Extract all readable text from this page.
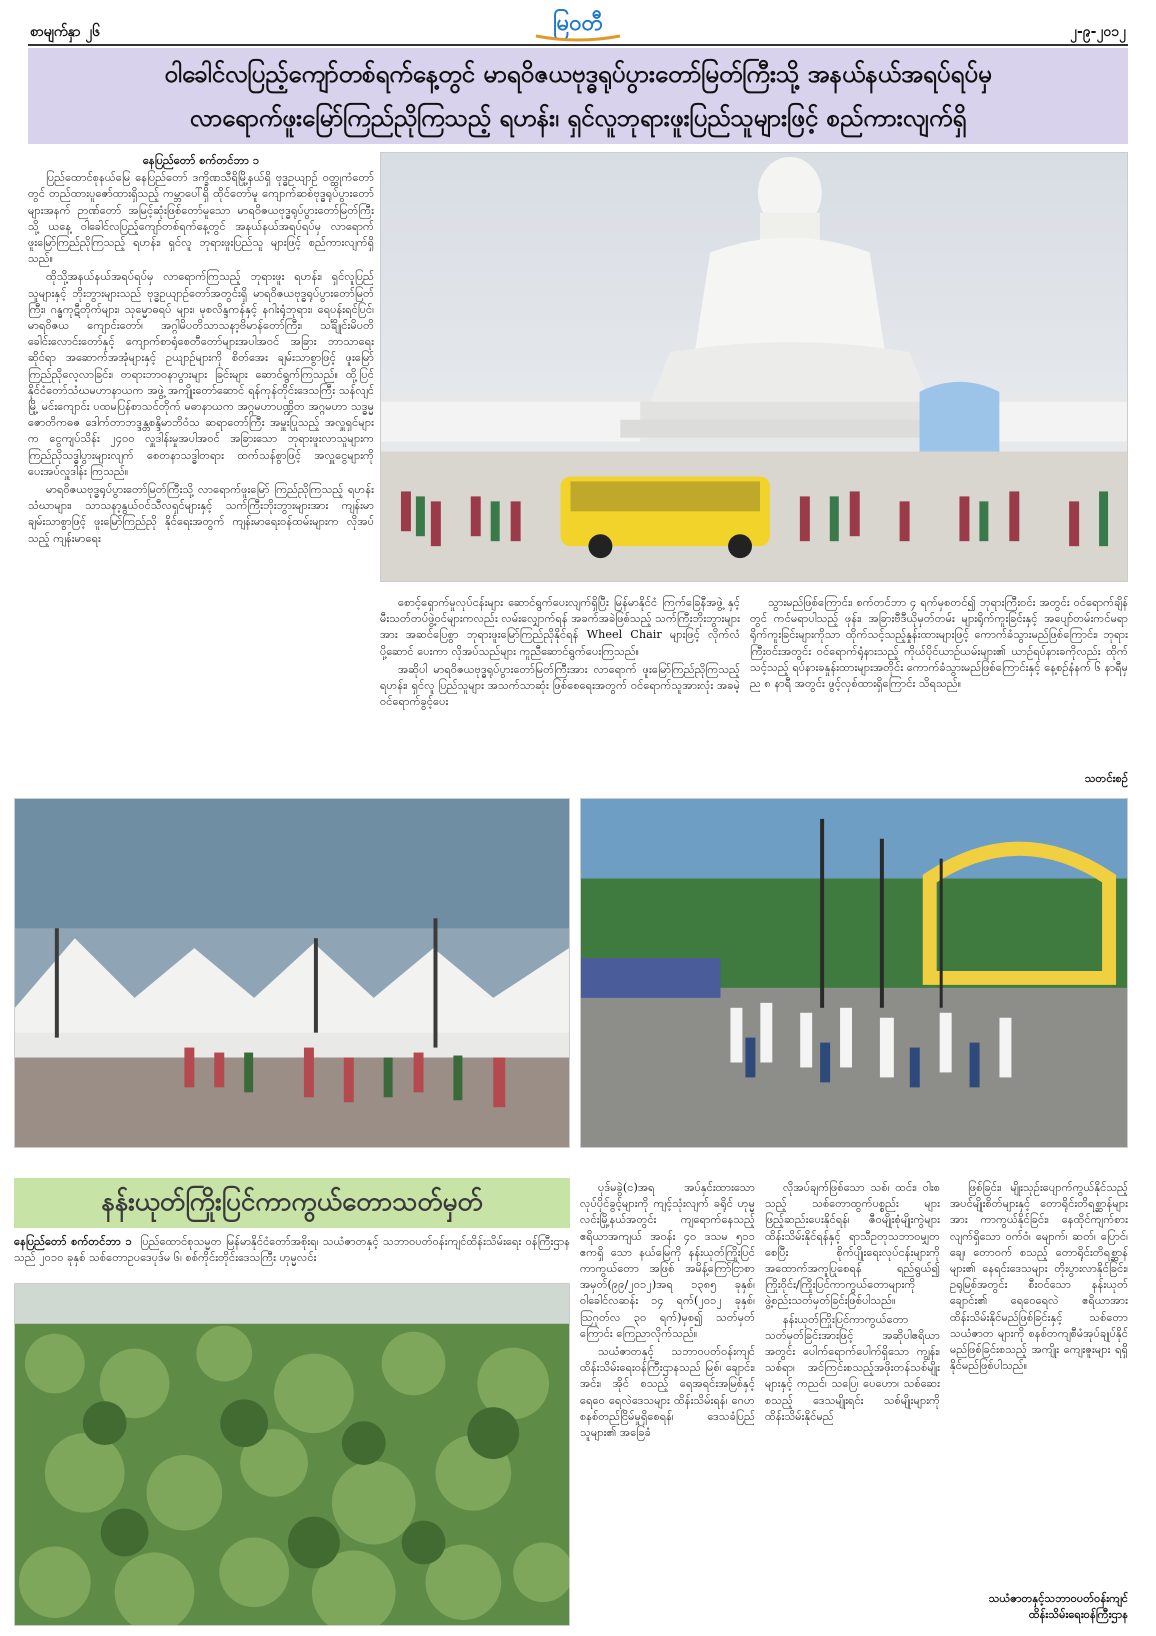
စာမျက်နှာ ၂၆	မြဝတီ	၂-၉-၂၀၁၂
ဝါခေါင်လပြည့်ကျော်တစ်ရက်နေ့တွင် မာရဝိဇယဗုဒ္ဓရုပ်ပွားတော်မြတ်ကြီးသို့ အနယ်နယ်အရပ်ရပ်မှ
လာရောက်ဖူးမြော်ကြည်ညိုကြသည့် ရဟန်း၊ ရှင်လူဘုရားဖူးပြည်သူများဖြင့် စည်ကားလျက်ရှိ

နေပြည်တော် စက်တင်ဘာ ၁

ပြည်ထောင်စုနယ်မြေ နေပြည်တော် ဒက္ခိဏသီရိမြို့နယ်ရှိ ဗုဒ္ဓဥယျာဉ် ဝတ္ထုကံတော်တွင် တည်ထားပူဇော်ထားရှိသည့် ကမ္ဘာပေါ်ရှိ ထိုင်တော်မူ ကျောက်ဆစ်ဗုဒ္ဓရုပ်ပွားတော်များအနက် ဉာဏ်တော် အမြင့်ဆုံးဖြစ်တော်မူသော မာရဝိဇယဗုဒ္ဓရုပ်ပွားတော်မြတ်ကြီးသို့ ယနေ့ ဝါခေါင်လပြည့်ကျော်တစ်ရက်နေ့တွင် အနယ်နယ်အရပ်ရပ်မှ လာရောက်ဖူးမြော်ကြည်ညိုကြသည့် ရဟန်း၊ ရှင်လူ ဘုရားဖူးပြည်သူ များဖြင့် စည်ကားလျက်ရှိသည်။

ထိုသို့အနယ်နယ်အရပ်ရပ်မှ လာရောက်ကြသည့် ဘုရားဖူး ရဟန်း၊ ရှင်လူပြည်သူများနှင့် ဘိုးဘွားများသည် ဗုဒ္ဓဥယျာဉ်တော်အတွင်းရှိ မာရဝိဇယဗုဒ္ဓရုပ်ပွားတော်မြတ်ကြီး၊ ဂန္ဓကုဋီတိုက်များ၊ သုမ္မောဓရပ် များ၊ မုစလိန္ဒကန်နှင့် နဂါးရုံဘုရား၊ ရေပန်းရင်ပြင်၊ မာရဝိဇယ ကျောင်းတော်၊ အဂ္ဂါမိပတိသာသနာ့ဗိမာန်တော်ကြီး၊ သင်္ချိုင်းမိပတိ ခေါင်းလောင်းတော်နှင့် ကျောက်စာရုံစေတီတော်များအပါအဝင် အခြား ဘာသာရေးဆိုင်ရာ အဆောက်အအုံများနှင့် ဥယျာဉ်များကို စိတ်အေး ချမ်းသာစွာဖြင့် ဖူးမြော်ကြည်ညိုလေ့လာခြင်း၊ တရားဘာဝနာပွားများ ခြင်းများ ဆောင်ရွက်ကြသည်။ ထို့ပြင် နိုင်ငံတော်သံဃမဟာနာယက အဖွဲ့ အကျိုးတော်ဆောင် ရန်ကုန်တိုင်းဒေသကြီး သန်လျင်မြို့ မင်းကျောင်း ပထမပြန်စာသင်တိုက် မဓာနာယက အဂ္ဂမဟာပဏ္ဍိတ အဂ္ဂမဟာ သဒ္ဓမ္မဇောတိကဓဇ ဒေါက်တာဘဒ္ဒန္တစန္ဒိမာဘိဝံသ ဆရာတော်ကြီး အမှူးပြုသည့် အလှူရှင်များက ငွေကျပ်သိန်း ၂၄၀၀ လှူဒါန်းမှုအပါအဝင် အခြားသော ဘုရားဖူးလာသူများက ကြည်ညိုသဒ္ဓါပွားများလျက် စေတနာသဒ္ဓါတရား ထက်သန်စွာဖြင့် အလှူငွေများကို ပေးအပ်လှူဒါန်း ကြသည်။

မာရဝိဇယဗုဒ္ဓရုပ်ပွားတော်မြတ်ကြီးသို့ လာရောက်ဖူးမြော် ကြည်ညိုကြသည့် ရဟန်းသံဃာများ၊ သာသနာ့နွယ်ဝင်သီလရှင်များနှင့် သက်ကြီးဘိုးဘွားများအား ကျန်းမာချမ်းသာစွာဖြင့် ဖူးမြော်ကြည်ညို နိုင်ရေးအတွက် ကျန်းမာရေးဝန်ထမ်းများက လိုအပ်သည့် ကျန်းမာရေး

စောင့်ရှောက်မှုလုပ်ငန်းများ ဆောင်ရွက်ပေးလျက်ရှိပြီး မြန်မာနိုင်ငံ ကြက်ခြေနီအဖွဲ့ နှင့် မီးသတ်တပ်ဖွဲ့ဝင်များကလည်း လမ်းလျှောက်ရန် အခက်အခဲဖြစ်သည့် သက်ကြီးဘိုးဘွားများအား အဆင်ပြေစွာ ဘုရားဖူးမြော်ကြည်ညိုနိုင်ရန် Wheel Chair များဖြင့် လိုက်လံပို့ဆောင် ပေးကာ လိုအပ်သည်များ ကူညီဆောင်ရွက်ပေးကြသည်။

အဆိုပါ မာရဝိဇယဗုဒ္ဓရုပ်ပွားတော်မြတ်ကြီးအား လာရောက် ဖူးမြော်ကြည်ညိုကြသည့် ရဟန်း၊ ရှင်လူ ပြည်သူများ အသက်သာဆုံး ဖြစ်စေရေးအတွက် ဝင်ရောက်သူအားလုံး အခမဲ့ဝင်ရောက်ခွင့်ပေး

သွားမည်ဖြစ်ကြောင်း၊ စက်တင်ဘာ ၄ ရက်မှစတင်၍ ဘုရားကြီးဝင်း အတွင်း ဝင်ရောက်ချိန်တွင် ကင်မရာပါသည့် ဖုန်း၊ အခြားဗီဒီယိုမှတ်တမ်း များရိုက်ကူးခြင်းနှင့် အပျော်တမ်းကင်မရာရိုက်ကူးခြင်းများကိုသာ ထိုက်သင့်သည့်နှုန်းထားများဖြင့် ကောက်ခံသွားမည်ဖြစ်ကြောင်း၊ ဘုရားကြီးဝင်းအတွင်း ဝင်ရောက်ရုံနားသည့် ကိုယ်ပိုင်ယာဉ်ယမ်းများ၏ ယာဉ်ရပ်နားခကိုလည်း ထိုက်သင့်သည့် ရပ်နားခနှုန်းထားများအတိုင်း ကောက်ခံသွားမည်ဖြစ်ကြောင်းနှင့် နေ့စဉ်နံနက် ၆ နာရီမှ ည ၈ နာရီ အတွင်း ဖွင့်လှစ်ထားရှိကြောင်း သိရသည်။

သတင်းစဉ်
နန်းယုတ်ကြိုးပြင်ကာကွယ်တောသတ်မှတ်

နေပြည်တော် စက်တင်ဘာ ၁ ပြည်ထောင်စုသမ္မတ မြန်မာနိုင်ငံတော်အစိုးရ၊ သယံဇာတနှင့် သဘာဝပတ်ဝန်းကျင်ထိန်းသိမ်းရေး ဝန်ကြီးဌာနသည် ၂၀၁၀ ခုနှစ် သစ်တောဥပဒေပုဒ်မ ၆၊ စစ်ကိုင်းတိုင်းဒေသကြီး ဟုမ္မလင်း

ပုဒ်မခွဲ(င)အရ အပ်နှင်းထားသော လုပ်ပိုင်ခွင့်များကို ကျင့်သုံးလျက် ခရိုင် ဟုမ္မလင်းမြို့နယ်အတွင်း ကျရောက်နေသည့် ဧရိယာအကျယ် အဝန်း ၄၀ ဒသမ ၅၁၁ ဧကရှိ သော နယ်မြေကို နန်းယုတ်ကြိုးပြင်ကာကွယ်တော အဖြစ် အမိန့်ကြော်ငြာစာအမှတ်(၉၉/၂၀၁၂)အရ ၁၃၈၅ ခုနှစ်၊ ဝါခေါင်လဆန်း ၁၄ ရက်(၂၀၁၂ ခုနှစ်၊ ဩဂုတ်လ ၃၀ ရက်)မှစ၍ သတ်မှတ်ကြောင်း ကြေညာလိုက်သည်။

သယံဇာတနှင့် သဘာဝပတ်ဝန်းကျင်ထိန်းသိမ်းရေးဝန်ကြီးဌာနသည် မြစ်၊ ချောင်း၊ အင်း၊ အိုင် စသည့် ရေအရင်းအမြစ်နှင့် ရေဝေ ရေလဲဒေသများ ထိန်းသိမ်းရန်၊ ဂေဟစနစ်တည်ငြိမ်မှုရှိစေရန်၊ ဒေသခံပြည်သူများ၏ အခြေခံ

လိုအပ်ချက်ဖြစ်သော သစ်၊ ထင်း၊ ဝါးစသည့် သစ်တောထွက်ပစ္စည်း များ ဖြည့်ဆည်းပေးနိုင်ရန်၊ ဇီဝမျိုးစုံမျိုးကွဲများ ထိန်းသိမ်းနိုင်ရန်နှင့် ရာသီဥတုသဘာဝမျှတစေပြီး စိုက်ပျိုးရေးလုပ်ငန်းများကို အထောက်အကူပြုစေရန် ရည်ရွယ်၍ ကြိုးဝိုင်း/ကြိုးပြင်ကာကွယ်တောများကို ဖွဲ့စည်းသတ်မှတ်ခြင်းဖြစ်ပါသည်။

နန်းယုတ်ကြိုးပြင်ကာကွယ်တော သတ်မှတ်ခြင်းအားဖြင့် အဆိုပါဧရိယာအတွင်း ပေါက်ရောက်ပေါက်ရှိသော ကျွန်း၊ သစ်ရာ၊ အင်ကြင်းစသည့်အဖိုးတန်သစ်မျိုးများနှင့် ကညင်၊ သပြေ၊ ပေဟော၊ သစ်ဆေး စသည့် ဒေသမျိုးရင်း သစ်မျိုးများကို ထိန်းသိမ်းနိုင်မည်

ဖြစ်ခြင်း၊ မျိုးသုဉ်းပျောက်ကွယ်နိုင်သည့် အပင်မျိုးစိတ်များနှင့် တောရိုင်းတိရစ္ဆာန်များအား ကာကွယ်နိုင်ခြင်း၊ နေထိုင်ကျက်စားလျက်ရှိသော ဝက်ဝံ၊ မျောက်၊ ဆတ်၊ ပြောင်၊ ချေ၊ တောဝက် စသည့် တောရိုင်းတိရစ္ဆာန်များ၏ နေရင်းဒေသများ တိုးပွားလာနိုင်ခြင်း၊ ဥရုမြစ်အတွင်း စီးဝင်သော နန်းယုတ်ချောင်း၏ ရေဝေရေလဲ ဧရိယာအား ထိန်းသိမ်းနိုင်မည်ဖြစ်ခြင်းနှင့် သစ်တောသယံဇာတ များကို စနစ်တကျစီမံအုပ်ချုပ်နိုင်မည်ဖြစ်ခြင်းစသည့် အကျိုး ကျေးဇူးများ ရရှိနိုင်မည်ဖြစ်ပါသည်။

သယံဇာတနှင့်သဘာဝပတ်ဝန်းကျင်
ထိန်းသိမ်းရေးဝန်ကြီးဌာန
